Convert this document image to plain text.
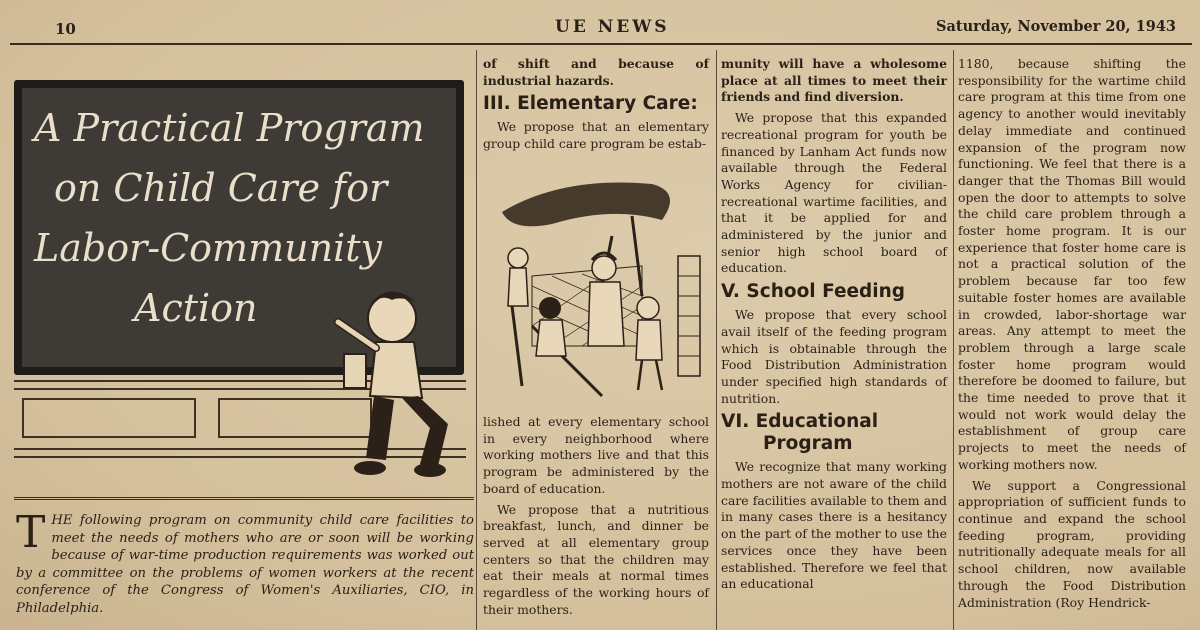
10	UE NEWS	Saturday, November 20, 1943
A Practical Program
on Child Care for
Labor-Community
Action
THE following program on community child care facilities to meet the needs of mothers who are or soon will be working because of war-time production requirements was worked out by a committee on the problems of women workers at the recent conference of the Congress of Women's Auxiliaries, CIO, in Philadelphia.

of shift and because of industrial hazards.

III. Elementary Care:

We propose that an elementary group child care program be estab-

lished at every elementary school in every neighborhood where working mothers live and that this program be administered by the board of education.

We propose that a nutritious breakfast, lunch, and dinner be served at all elementary group centers so that the children may eat their meals at normal times regardless of the working hours of their mothers.

munity will have a wholesome place at all times to meet their friends and find diversion.

We propose that this expanded recreational program for youth be financed by Lanham Act funds now available through the Federal Works Agency for civilian-recreational wartime facilities, and that it be applied for and administered by the junior and senior high school board of education.

V. School Feeding

We propose that every school avail itself of the feeding program which is obtainable through the Food Distribution Administration under specified high standards of nutrition.

VI. Educational
Program

We recognize that many working mothers are not aware of the child care facilities available to them and in many cases there is a hesitancy on the part of the mother to use the services once they have been established. Therefore we feel that an educational

1180, because shifting the responsibility for the wartime child care program at this time from one agency to another would inevitably delay immediate and continued expansion of the program now functioning. We feel that there is a danger that the Thomas Bill would open the door to attempts to solve the child care problem through a foster home program. It is our experience that foster home care is not a practical solution of the problem because far too few suitable foster homes are available in crowded, labor-shortage war areas. Any attempt to meet the problem through a large scale foster home program would therefore be doomed to failure, but the time needed to prove that it would not work would delay the establishment of group care projects to meet the needs of working mothers now.

We support a Congressional appropriation of sufficient funds to continue and expand the school feeding program, providing nutritionally adequate meals for all school children, now available through the Food Distribution Administration (Roy Hendrick-
